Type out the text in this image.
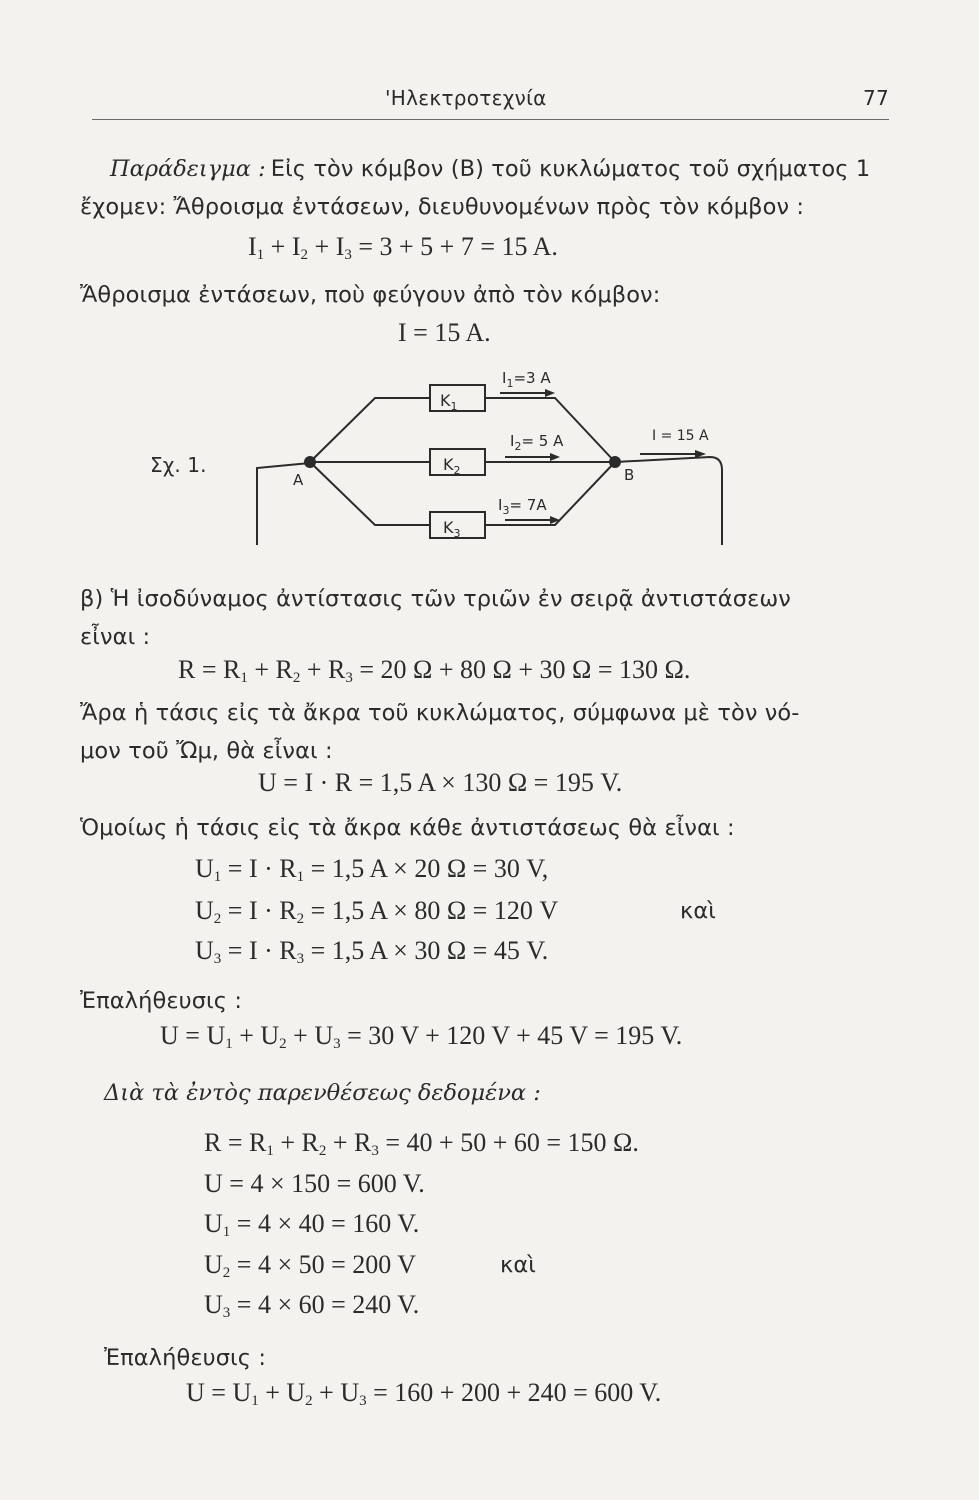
'Ηλεκτροτεχνία	77
Παράδειγμα : Εἰς τὸν κόμβον (Β) τοῦ κυκλώματος τοῦ σχήματος 1
ἔχομεν: Ἄθροισμα ἐντάσεων, διευθυνομένων πρὸς τὸν κόμβον :
$I_1 + I_2 + I_3 = 3 + 5 + 7 = 15$ A.
Ἄθροισμα ἐντάσεων, ποὺ φεύγουν ἀπὸ τὸν κόμβον:
I = 15 A.
Σχ. 1.
$K_1$
$K_2$
$K_3$
$I_1=3$ A
$I_2= 5$ A
$I_3= 7A$
I = 15 A
A	B
β) Ἡ ἰσοδύναμος ἀντίστασις τῶν τριῶν ἐν σειρᾷ ἀντιστάσεων
εἶναι :
$R = R_1 + R_2 + R_3 = 20$ Ω + 80 Ω + 30 Ω = 130 Ω.
Ἄρα ἡ τάσις εἰς τὰ ἄκρα τοῦ κυκλώματος, σύμφωνα μὲ τὸν νό-
μον τοῦ Ὤμ, θὰ εἶναι :
U = I · R = 1,5 A × 130 Ω = 195 V.
Ὁμοίως ἡ τάσις εἰς τὰ ἄκρα κάθε ἀντιστάσεως θὰ εἶναι :
$U_1 = I \cdot R_1 = 1,5$ A × 20 Ω = 30 V,
$U_2 = I \cdot R_2 = 1,5$ A × 80 Ω = 120 V	καὶ
$U_3 = I \cdot R_3 = 1,5$ A × 30 Ω = 45 V.
Ἐπαλήθευσις :
$U = U_1 + U_2 + U_3 = 30$ V + 120 V + 45 V = 195 V.
Διὰ τὰ ἐντὸς παρενθέσεως δεδομένα :
$R = R_1 + R_2 + R_3 = 40 + 50 + 60 = 150$ Ω.
U = 4 × 150 = 600 V.
$U_1 = 4 \times 40 = 160$ V.
$U_2 = 4 \times 50 = 200$ V	καὶ
$U_3 = 4 \times 60 = 240$ V.
Ἐπαλήθευσις :
$U = U_1 + U_2 + U_3 = 160 + 200 + 240 = 600$ V.
